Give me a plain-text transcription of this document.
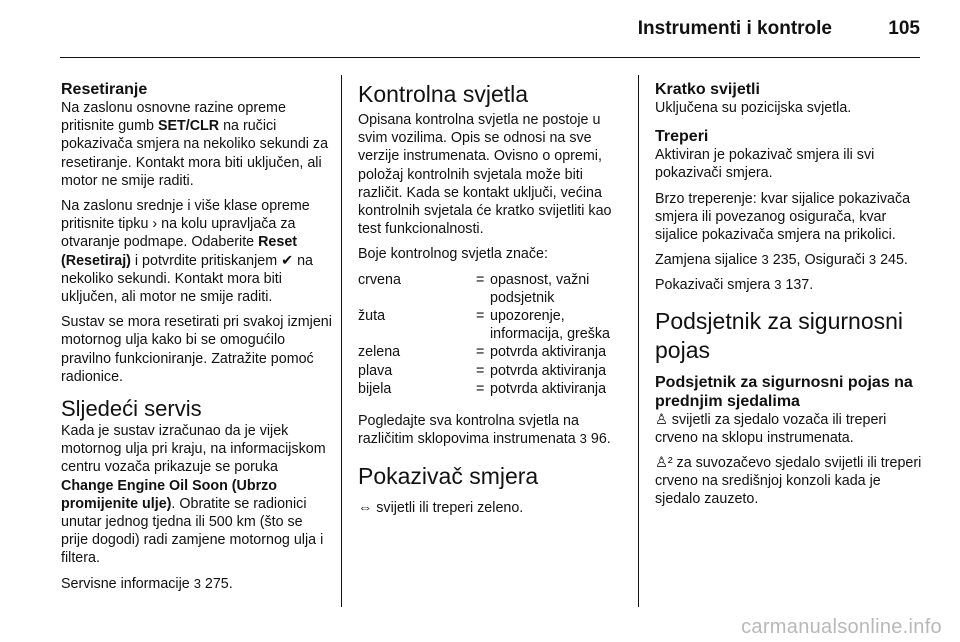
Instrumenti i kontrole	105
Resetiranje

Na zaslonu osnovne razine opreme pritisnite gumb SET/CLR na ručici pokazivača smjera na nekoliko sekundi za resetiranje. Kontakt mora biti uključen, ali motor ne smije raditi.

Na zaslonu srednje i više klase opreme pritisnite tipku › na kolu upravljača za otvaranje podmape. Odaberite Reset (Resetiraj) i potvrdite pritiskanjem ✔ na nekoliko sekundi. Kontakt mora biti uključen, ali motor ne smije raditi.

Sustav se mora resetirati pri svakoj izmjeni motornog ulja kako bi se omogućilo pravilno funkcioniranje. Zatražite pomoć radionice.

Sljedeći servis

Kada je sustav izračunao da je vijek motornog ulja pri kraju, na informacijskom centru vozača prikazuje se poruka Change Engine Oil Soon (Ubrzo promijenite ulje). Obratite se radionici unutar jednog tjedna ili 500 km (što se prije dogodi) radi zamjene motornog ulja i filtera.

Servisne informacije 3 275.

Kontrolna svjetla

Opisana kontrolna svjetla ne postoje u svim vozilima. Opis se odnosi na sve verzije instrumenata. Ovisno o opremi, položaj kontrolnih svjetala može biti različit. Kada se kontakt uključi, većina kontrolnih svjetala će kratko svijetliti kao test funkcionalnosti.

Boje kontrolnog svjetla znače:

crvena	=	opasnost, važni podsjetnik
žuta	=	upozorenje, informacija, greška
zelena	=	potvrda aktiviranja
plava	=	potvrda aktiviranja
bijela	=	potvrda aktiviranja

Pogledajte sva kontrolna svjetla na različitim sklopovima instrumenata 3 96.

Pokazivač smjera

⇔ svijetli ili treperi zeleno.

Kratko svijetli

Uključena su pozicijska svjetla.

Treperi

Aktiviran je pokazivač smjera ili svi pokazivači smjera.

Brzo treperenje: kvar sijalice pokazivača smjera ili povezanog osigurača, kvar sijalice pokazivača smjera na prikolici.

Zamjena sijalice 3 235, Osigurači 3 245.

Pokazivači smjera 3 137.

Podsjetnik za sigurnosni pojas
Podsjetnik za sigurnosni pojas na prednjim sjedalima

♙ svijetli za sjedalo vozača ili treperi crveno na sklopu instrumenata.

♙² za suvozačevo sjedalo svijetli ili treperi crveno na središnjoj konzoli kada je sjedalo zauzeto.

carmanualsonline.info
